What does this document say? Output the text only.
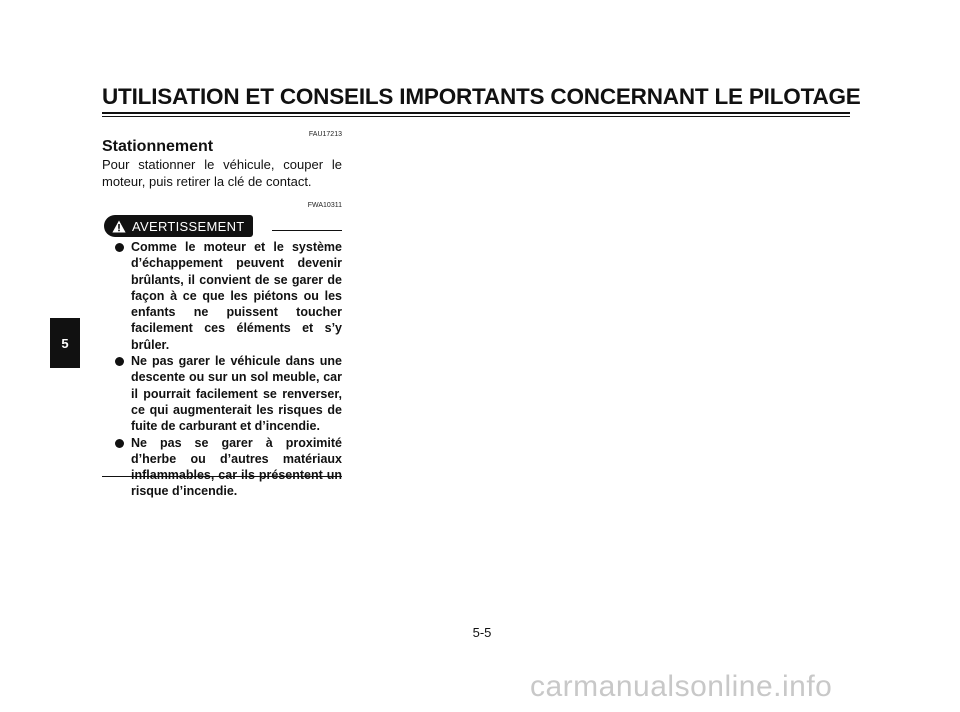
UTILISATION ET CONSEILS IMPORTANTS CONCERNANT LE PILOTAGE
5
FAU17213
Stationnement
Pour stationner le véhicule, couper le moteur, puis retirer la clé de contact.
FWA10311
AVERTISSEMENT
Comme le moteur et le système d’échappement peuvent devenir brûlants, il convient de se garer de façon à ce que les piétons ou les enfants ne puissent toucher facilement ces éléments et s’y brûler.
Ne pas garer le véhicule dans une descente ou sur un sol meuble, car il pourrait facilement se renverser, ce qui augmenterait les risques de fuite de carburant et d’incendie.
Ne pas se garer à proximité d’herbe ou d’autres matériaux risque d’incendie.
5-5
carmanualsonline.info
